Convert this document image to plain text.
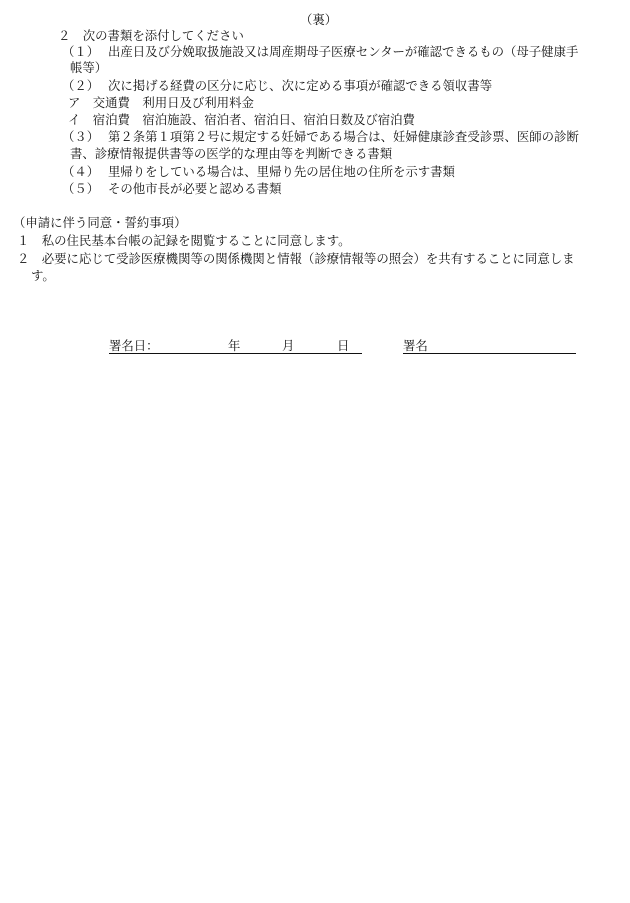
（裏）
２　次の書類を添付してください
（１） 出産日及び分娩取扱施設又は周産期母子医療センターが確認できるもの（母子健康手
帳等）
（２） 次に掲げる経費の区分に応じ、次に定める事項が確認できる領収書等
ア　交通費　利用日及び利用料金
イ　宿泊費　宿泊施設、宿泊者、宿泊日、宿泊日数及び宿泊費
（３） 第２条第１項第２号に規定する妊婦である場合は、妊婦健康診査受診票、医師の診断
書、診療情報提供書等の医学的な理由等を判断できる書類
（４） 里帰りをしている場合は、里帰り先の居住地の住所を示す書類
（５） その他市長が必要と認める書類
（申請に伴う同意・誓約事項）
１　私の住民基本台帳の記録を閲覧することに同意します。
２　必要に応じて受診医療機関等の関係機関と情報（診療情報等の照会）を共有することに同意しま
す。
署名日：	年	月	日	署名
